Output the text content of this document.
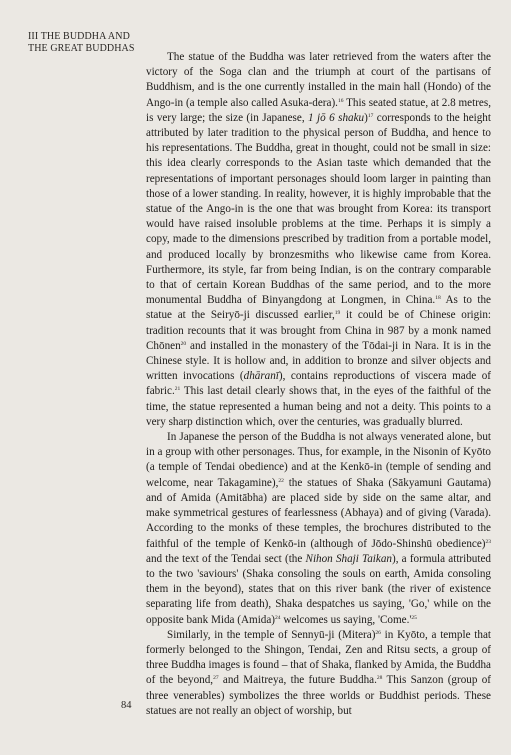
III THE BUDDHA AND
THE GREAT BUDDHAS

The statue of the Buddha was later retrieved from the waters after the victory of the Soga clan and the triumph at court of the partisans of Buddhism, and is the one currently installed in the main hall (Hondo) of the Ango-in (a temple also called Asuka-dera).$^{16}$ This seated statue, at 2.8 metres, is very large; the size (in Japanese, 1 jō 6 shaku)$^{17}$ corresponds to the height attributed by later tradition to the physical person of Buddha, and hence to his representations. The Buddha, great in thought, could not be small in size: this idea clearly corresponds to the Asian taste which demanded that the representations of important personages should loom larger in painting than those of a lower standing. In reality, however, it is highly improbable that the statue of the Ango-in is the one that was brought from Korea: its transport would have raised insoluble problems at the time. Perhaps it is simply a copy, made to the dimensions prescribed by tradition from a portable model, and produced locally by bronzesmiths who likewise came from Korea. Furthermore, its style, far from being Indian, is on the contrary comparable to that of certain Korean Buddhas of the same period, and to the more monumental Buddha of Binyangdong at Longmen, in China.$^{18}$ As to the statue at the Seiryō-ji discussed earlier,$^{19}$ it could be of Chinese origin: tradition recounts that it was brought from China in 987 by a monk named Chōnen$^{20}$ and installed in the monastery of the Tōdai-ji in Nara. It is in the Chinese style. It is hollow and, in addition to bronze and silver objects and written invocations (dhāranī), contains reproductions of viscera made of fabric.$^{21}$ This last detail clearly shows that, in the eyes of the faithful of the time, the statue represented a human being and not a deity. This points to a very sharp distinction which, over the centuries, was gradually blurred.

In Japanese the person of the Buddha is not always venerated alone, but in a group with other personages. Thus, for example, in the Nisonin of Kyōto (a temple of Tendai obedience) and at the Kenkō-in (temple of sending and welcome, near Takagamine),$^{22}$ the statues of Shaka (Sākyamuni Gautama) and of Amida (Amitābha) are placed side by side on the same altar, and make symmetrical gestures of fearlessness (Abhaya) and of giving (Varada). According to the monks of these temples, the brochures distributed to the faithful of the temple of Kenkō-in (although of Jōdo-Shinshū obedience)$^{23}$ and the text of the Tendai sect (the Nihon Shaji Taikan), a formula attributed to the two 'saviours' (Shaka consoling the souls on earth, Amida consoling them in the beyond), states that on this river bank (the river of existence separating life from death), Shaka despatches us saying, 'Go,' while on the opposite bank Mida (Amida)$^{24}$ welcomes us saying, '$Come.'^{25}$

Similarly, in the temple of Sennyū-ji (Mitera)$^{26}$ in Kyōto, a temple that formerly belonged to the Shingon, Tendai, Zen and Ritsu sects, a group of three Buddha images is found – that of Shaka, flanked by Amida, the Buddha of the beyond,$^{27}$ and Maitreya, the future Buddha.$^{28}$ This Sanzon (group of three venerables) symbolizes the three worlds or Buddhist periods. These statues are not really an object of worship, but

84
